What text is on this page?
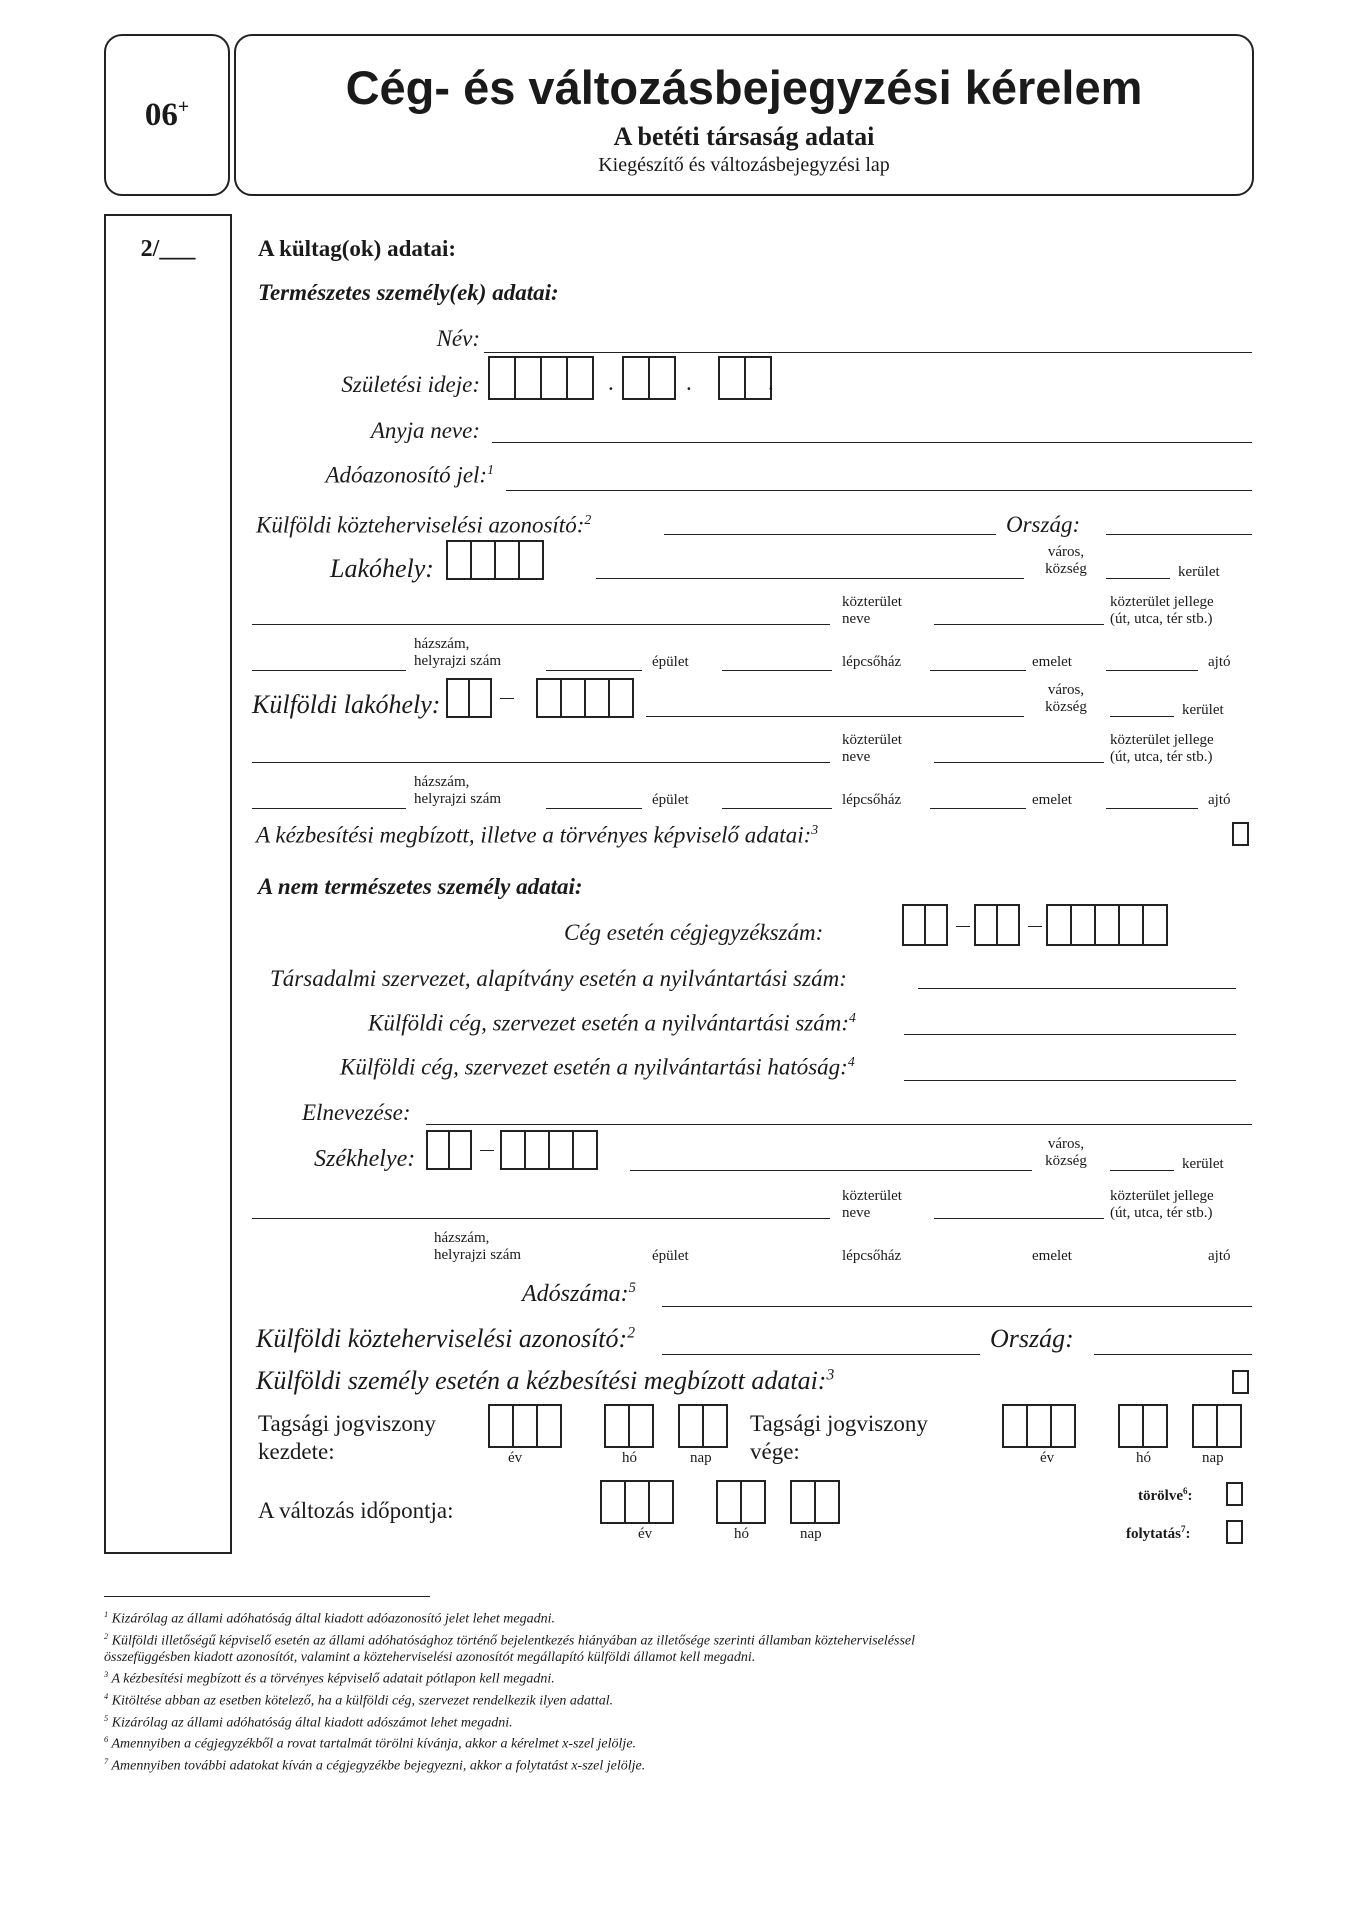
06+	Cég- és változásbejegyzési kérelem
A betéti társaság adatai
Kiegészítő és változásbejegyzési lap
2/___	A kültag(ok) adatai:
Természetes személy(ek) adatai:
Név:
Születési ideje:	.	.	.
Anyja neve:
Adóazonosító jel:$^1$
Külföldi közteherviselési azonosító:$^2$	Ország:
Lakóhely:
város,
község	kerület
közterület
neve
közterület jellege
(út, utca, tér stb.)
házszám,
helyrajzi szám	épület	lépcsőház	emelet	ajtó
Külföldi lakóhely:	város,
község	kerület
közterület
neve
közterület jellege
(út, utca, tér stb.)
házszám,
helyrajzi szám	épület	lépcsőház	emelet	ajtó
A kézbesítési megbízott, illetve a törvényes képviselő adatai:$^3$
A nem természetes személy adatai:
Cég esetén cégjegyzékszám:
Társadalmi szervezet, alapítvány esetén a nyilvántartási szám:
Külföldi cég, szervezet esetén a nyilvántartási szám:$^4$
Külföldi cég, szervezet esetén a nyilvántartási hatóság:$^4$
Elnevezése:
Székhelye:
város,
község	kerület
közterület
neve
közterület jellege
(út, utca, tér stb.)
házszám,
helyrajzi szám	épület	lépcsőház	emelet	ajtó
Adószáma:$^5$
Külföldi közteherviselési azonosító:$^2$	Ország:
Külföldi személy esetén a kézbesítési megbízott adatai:$^3$
Tagsági jogviszony
kezdete:	év	hó	nap
Tagsági jogviszony
vége:	év	hó	nap
A változás időpontja:
év	hó	nap
törölve$^6$:
folytatás$^7$:
$^1$ Kizárólag az állami adóhatóság által kiadott adóazonosító jelet lehet megadni.
$^2$ Külföldi illetőségű képviselő esetén az állami adóhatósághoz történő bejelentkezés hiányában az illetősége szerinti államban közteherviseléssel
összefüggésben kiadott azonosítót, valamint a közteherviselési azonosítót megállapító külföldi államot kell megadni.
$^3$ A kézbesítési megbízott és a törvényes képviselő adatait pótlapon kell megadni.
$^4$ Kitöltése abban az esetben kötelező, ha a külföldi cég, szervezet rendelkezik ilyen adattal.
$^5$ Kizárólag az állami adóhatóság által kiadott adószámot lehet megadni.
$^6$ Amennyiben a cégjegyzékből a rovat tartalmát törölni kívánja, akkor a kérelmet x-szel jelölje.
$^7$ Amennyiben további adatokat kíván a cégjegyzékbe bejegyezni, akkor a folytatást x-szel jelölje.
